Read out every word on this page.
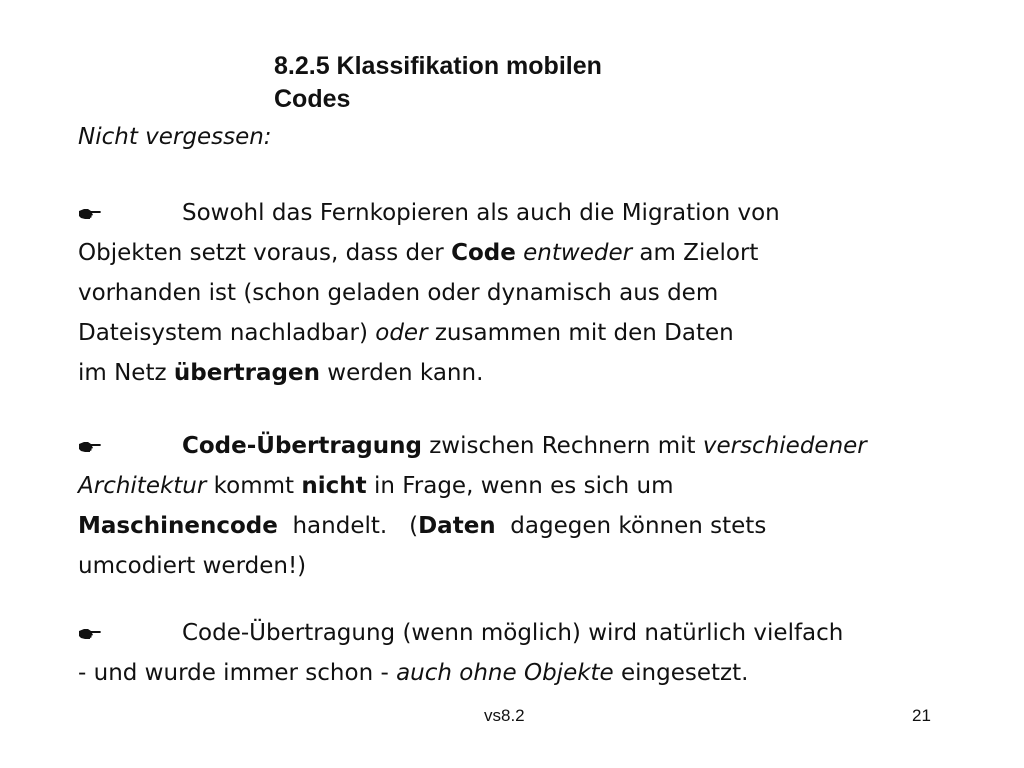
8.2.5 Klassifikation mobilen
Codes
Nicht vergessen:
Sowohl das Fernkopieren als auch die Migration von
Objekten setzt voraus, dass der Code entweder am Zielort
vorhanden ist (schon geladen oder dynamisch aus dem
Dateisystem nachladbar) oder zusammen mit den Daten
im Netz übertragen werden kann.
Code-Übertragung zwischen Rechnern mit verschiedener
Architektur kommt nicht in Frage, wenn es sich um
Maschinencode  handelt.   (Daten  dagegen können stets
umcodiert werden!)
Code-Übertragung (wenn möglich) wird natürlich vielfach
- und wurde immer schon - auch ohne Objekte eingesetzt.
vs8.2	21
